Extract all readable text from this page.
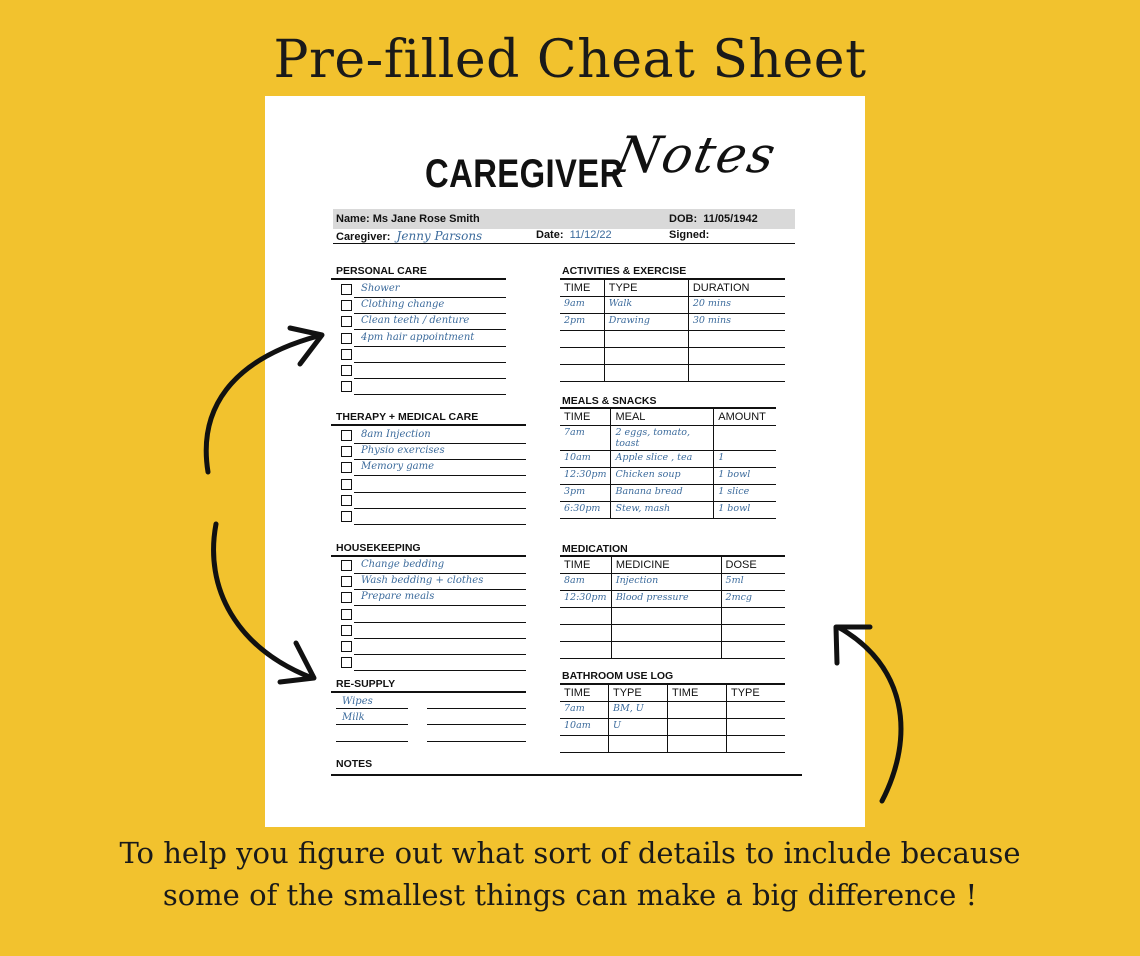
Pre-filled Cheat Sheet
CAREGIVER
Notes
Name: Ms Jane Rose Smith	DOB: 11/05/1942
Caregiver: Jenny Parsons	Date: 11/12/22	Signed:
PERSONAL CARE
Shower
Clothing change
Clean teeth / denture
4pm hair appointment
THERAPY + MEDICAL CARE
8am Injection
Physio exercises
Memory game
HOUSEKEEPING
Change bedding
Wash bedding + clothes
Prepare meals
RE-SUPPLY
Wipes
Milk
NOTES
ACTIVITIES & EXERCISE
TIME	TYPE	DURATION
9am	Walk	20 mins
2pm	Drawing	30 mins

MEALS & SNACKS
TIME	MEAL	AMOUNT
7am	2 eggs, tomato, toast	
10am	Apple slice , tea	1
12:30pm	Chicken soup	1 bowl
3pm	Banana bread	1 slice
6:30pm	Stew, mash	1 bowl
MEDICATION
TIME	MEDICINE	DOSE
8am	Injection	5ml
12:30pm	Blood pressure	2mcg

BATHROOM USE LOG
TIME	TYPE	TIME	TYPE
7am	BM, U		
10am	U		

To help you figure out what sort of details to include because
some of the smallest things can make a big difference !
